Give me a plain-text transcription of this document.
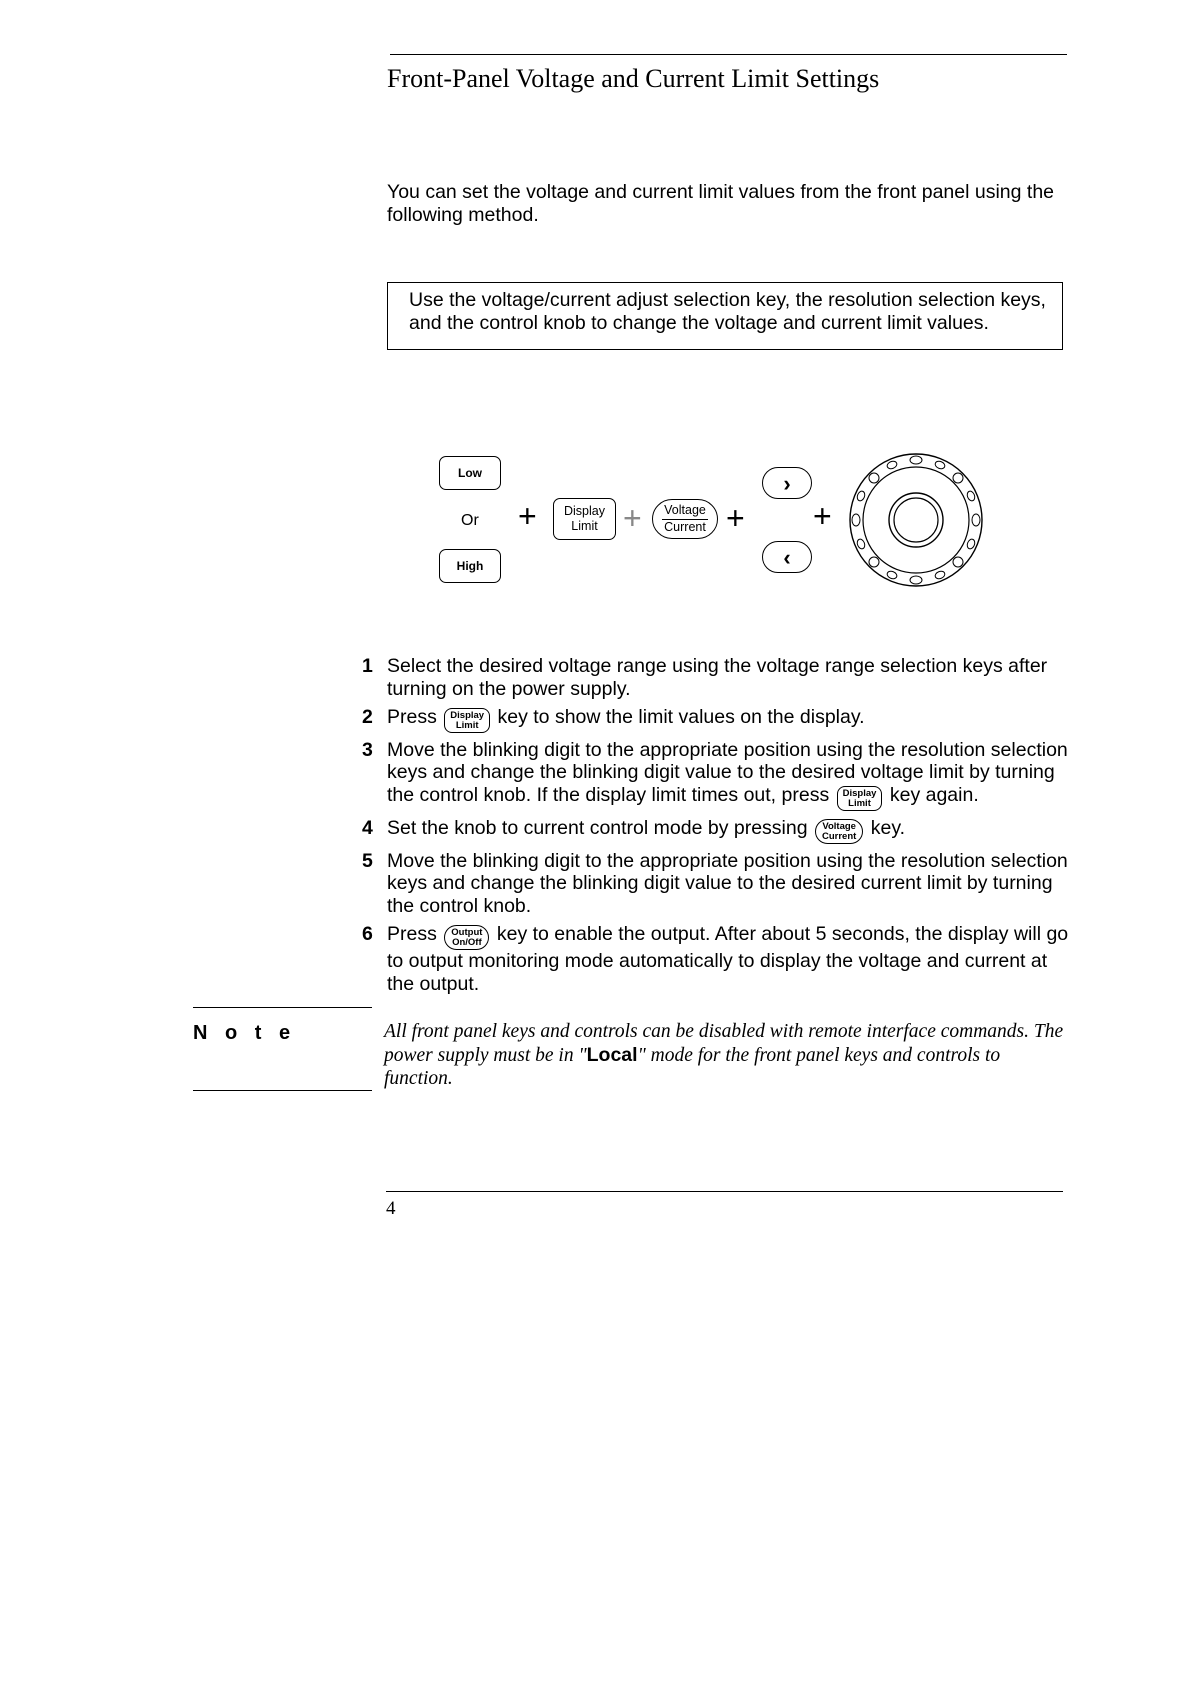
Front-Panel Voltage and Current Limit Settings
You can set the voltage and current limit values from the front panel using the following method.
Use the voltage/current adjust selection key, the resolution selection keys, and the control knob to change the voltage and current limit values.
Low
Or
High
+ Display
Limit + Voltage
Current +
›
‹
+
1 Select the desired voltage range using the voltage range selection keys after turning on the power supply.
2 Press Display
Limit key to show the limit values on the display.
3 Move the blinking digit to the appropriate position using the resolution selection keys and change the blinking digit value to the desired voltage limit by turning the control knob. If the display limit times out, press Display
Limit key again.
4 Set the knob to current control mode by pressing Voltage
Current key.
5 Move the blinking digit to the appropriate position using the resolution selection keys and change the blinking digit value to the desired current limit by turning the control knob.
6 Press Output
On/Off key to enable the output. After about 5 seconds, the display will go to output monitoring mode automatically to display the voltage and current at the output.
N o t e	All front panel keys and controls can be disabled with remote interface commands. The power supply must be in "Local" mode for the front panel keys and controls to function.
4
